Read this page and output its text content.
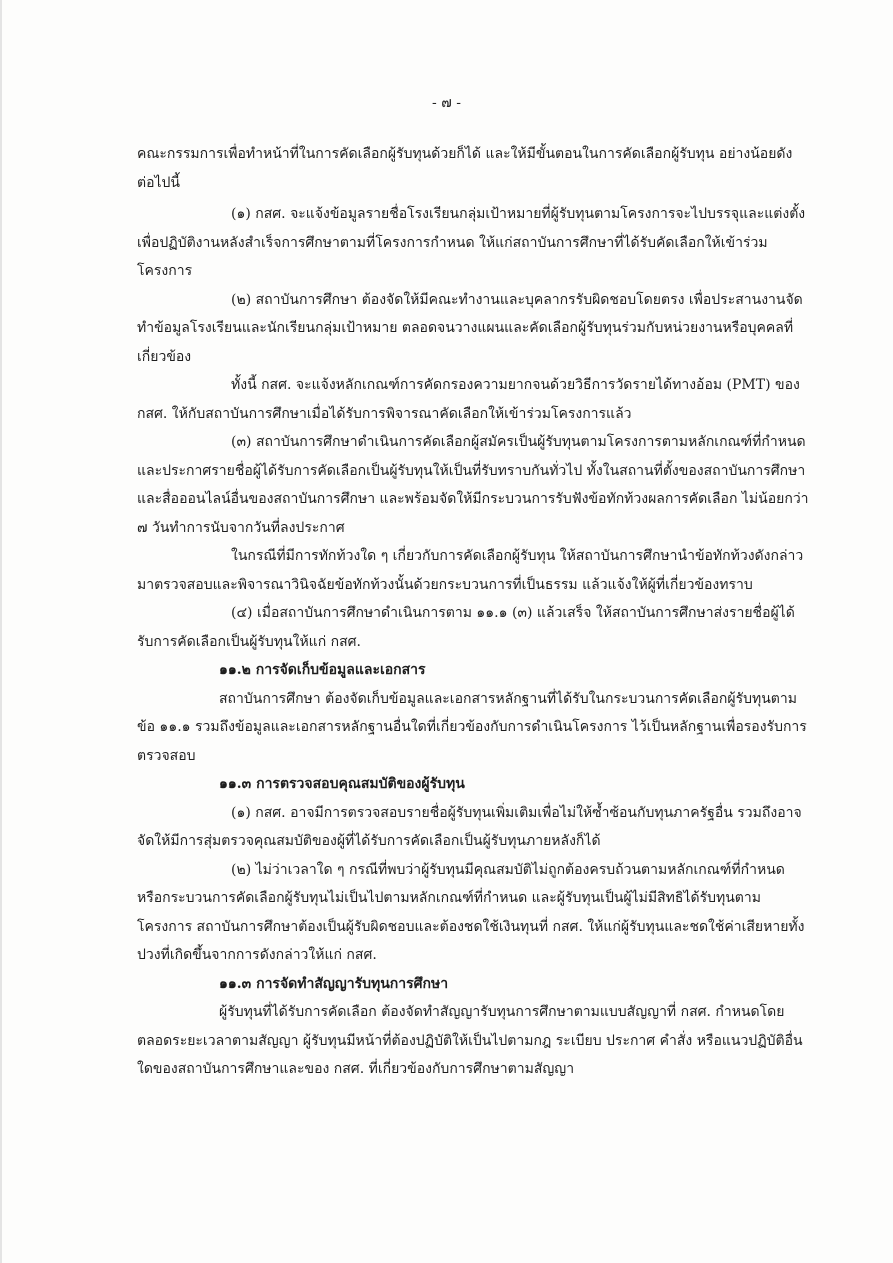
- ๗ -

คณะกรรมการเพื่อทำหน้าที่ในการคัดเลือกผู้รับทุนด้วยก็ได้ และให้มีขั้นตอนในการคัดเลือกผู้รับทุน อย่างน้อยดังต่อไปนี้

(๑) กสศ. จะแจ้งข้อมูลรายชื่อโรงเรียนกลุ่มเป้าหมายที่ผู้รับทุนตามโครงการจะไปบรรจุและแต่งตั้งเพื่อปฏิบัติงานหลังสำเร็จการศึกษาตามที่โครงการกำหนด ให้แก่สถาบันการศึกษาที่ได้รับคัดเลือกให้เข้าร่วมโครงการ

(๒) สถาบันการศึกษา ต้องจัดให้มีคณะทำงานและบุคลากรรับผิดชอบโดยตรง เพื่อประสานงานจัดทำข้อมูลโรงเรียนและนักเรียนกลุ่มเป้าหมาย ตลอดจนวางแผนและคัดเลือกผู้รับทุนร่วมกับหน่วยงานหรือบุคคลที่เกี่ยวข้อง

ทั้งนี้ กสศ. จะแจ้งหลักเกณฑ์การคัดกรองความยากจนด้วยวิธีการวัดรายได้ทางอ้อม (PMT) ของ กสศ. ให้กับสถาบันการศึกษาเมื่อได้รับการพิจารณาคัดเลือกให้เข้าร่วมโครงการแล้ว

(๓) สถาบันการศึกษาดำเนินการคัดเลือกผู้สมัครเป็นผู้รับทุนตามโครงการตามหลักเกณฑ์ที่กำหนดและประกาศรายชื่อผู้ได้รับการคัดเลือกเป็นผู้รับทุนให้เป็นที่รับทราบกันทั่วไป ทั้งในสถานที่ตั้งของสถาบันการศึกษา และสื่อออนไลน์อื่นของสถาบันการศึกษา และพร้อมจัดให้มีกระบวนการรับฟังข้อทักท้วงผลการคัดเลือก ไม่น้อยกว่า ๗ วันทำการนับจากวันที่ลงประกาศ

ในกรณีที่มีการทักท้วงใด ๆ เกี่ยวกับการคัดเลือกผู้รับทุน ให้สถาบันการศึกษานำข้อทักท้วงดังกล่าวมาตรวจสอบและพิจารณาวินิจฉัยข้อทักท้วงนั้นด้วยกระบวนการที่เป็นธรรม แล้วแจ้งให้ผู้ที่เกี่ยวข้องทราบ

(๔) เมื่อสถาบันการศึกษาดำเนินการตาม ๑๑.๑ (๓) แล้วเสร็จ ให้สถาบันการศึกษาส่งรายชื่อผู้ได้รับการคัดเลือกเป็นผู้รับทุนให้แก่ กสศ.

๑๑.๒ การจัดเก็บข้อมูลและเอกสาร

สถาบันการศึกษา ต้องจัดเก็บข้อมูลและเอกสารหลักฐานที่ได้รับในกระบวนการคัดเลือกผู้รับทุนตามข้อ ๑๑.๑ รวมถึงข้อมูลและเอกสารหลักฐานอื่นใดที่เกี่ยวข้องกับการดำเนินโครงการ ไว้เป็นหลักฐานเพื่อรองรับการตรวจสอบ

๑๑.๓ การตรวจสอบคุณสมบัติของผู้รับทุน

(๑) กสศ. อาจมีการตรวจสอบรายชื่อผู้รับทุนเพิ่มเติมเพื่อไม่ให้ซ้ำซ้อนกับทุนภาครัฐอื่น รวมถึงอาจจัดให้มีการสุ่มตรวจคุณสมบัติของผู้ที่ได้รับการคัดเลือกเป็นผู้รับทุนภายหลังก็ได้

(๒) ไม่ว่าเวลาใด ๆ กรณีที่พบว่าผู้รับทุนมีคุณสมบัติไม่ถูกต้องครบถ้วนตามหลักเกณฑ์ที่กำหนด หรือกระบวนการคัดเลือกผู้รับทุนไม่เป็นไปตามหลักเกณฑ์ที่กำหนด และผู้รับทุนเป็นผู้ไม่มีสิทธิได้รับทุนตามโครงการ สถาบันการศึกษาต้องเป็นผู้รับผิดชอบและต้องชดใช้เงินทุนที่ กสศ. ให้แก่ผู้รับทุนและชดใช้ค่าเสียหายทั้งปวงที่เกิดขึ้นจากการดังกล่าวให้แก่ กสศ.

๑๑.๓ การจัดทำสัญญารับทุนการศึกษา

ผู้รับทุนที่ได้รับการคัดเลือก ต้องจัดทำสัญญารับทุนการศึกษาตามแบบสัญญาที่ กสศ. กำหนดโดยตลอดระยะเวลาตามสัญญา ผู้รับทุนมีหน้าที่ต้องปฏิบัติให้เป็นไปตามกฎ ระเบียบ ประกาศ คำสั่ง หรือแนวปฏิบัติอื่นใดของสถาบันการศึกษาและของ กสศ. ที่เกี่ยวข้องกับการศึกษาตามสัญญา
